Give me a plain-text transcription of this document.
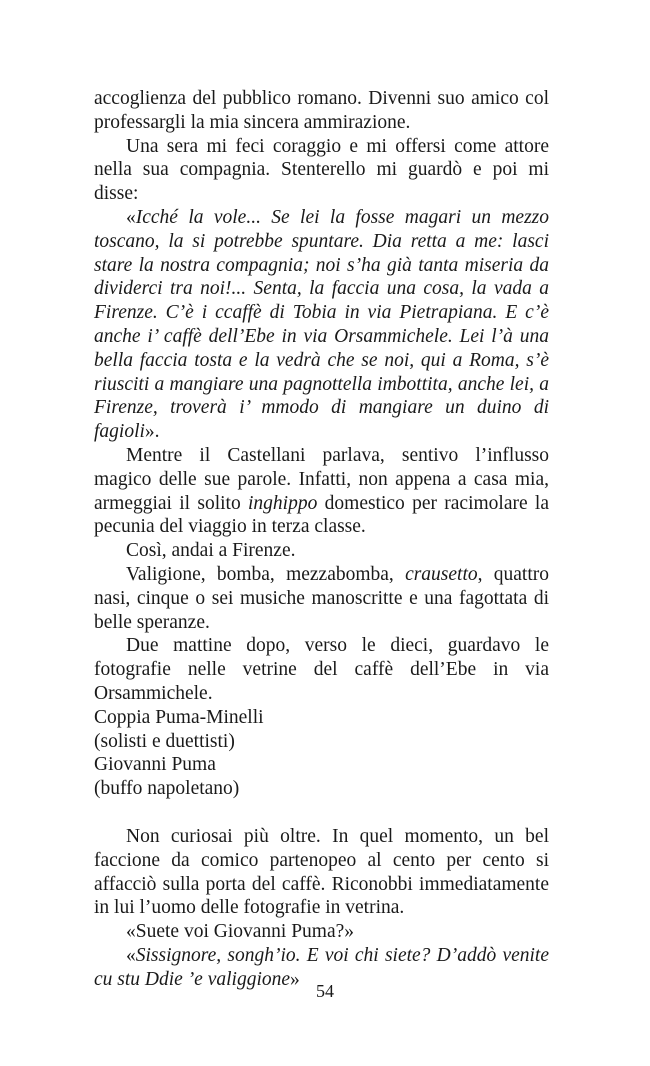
accoglienza del pubblico romano. Divenni suo amico col professargli la mia sincera ammirazione.

Una sera mi feci coraggio e mi offersi come attore nella sua compagnia. Stenterello mi guardò e poi mi disse:

«Icché la vole... Se lei la fosse magari un mezzo toscano, la si potrebbe spuntare. Dia retta a me: lasci stare la nostra compagnia; noi s’ha già tanta miseria da dividerci tra noi!... Senta, la faccia una cosa, la vada a Firenze. C’è i ccaffè di Tobia in via Pietrapiana. E c’è anche i’ caffè dell’Ebe in via Orsammichele. Lei l’à una bella faccia tosta e la vedrà che se noi, qui a Roma, s’è riusciti a mangiare una pagnottella imbottita, anche lei, a Firenze, troverà i’ mmodo di mangiare un duino di fagioli».

Mentre il Castellani parlava, sentivo l’influsso magico delle sue parole. Infatti, non appena a casa mia, armeggiai il solito inghippo domestico per racimolare la pecunia del viaggio in terza classe.

Così, andai a Firenze.

Valigione, bomba, mezzabomba, crausetto, quattro nasi, cinque o sei musiche manoscritte e una fagottata di belle speranze.

Due mattine dopo, verso le dieci, guardavo le fotografie nelle vetrine del caffè dell’Ebe in via Orsammichele.

Coppia Puma-Minelli

(solisti e duettisti)

Giovanni Puma

(buffo napoletano)

Non curiosai più oltre. In quel momento, un bel faccione da comico partenopeo al cento per cento si affacciò sulla porta del caffè. Riconobbi immediatamente in lui l’uomo delle fotografie in vetrina.

«Suete voi Giovanni Puma?»

«Sissignore, songh’io. E voi chi siete? D’addò venite cu stu Ddie ’e valiggione»

54
